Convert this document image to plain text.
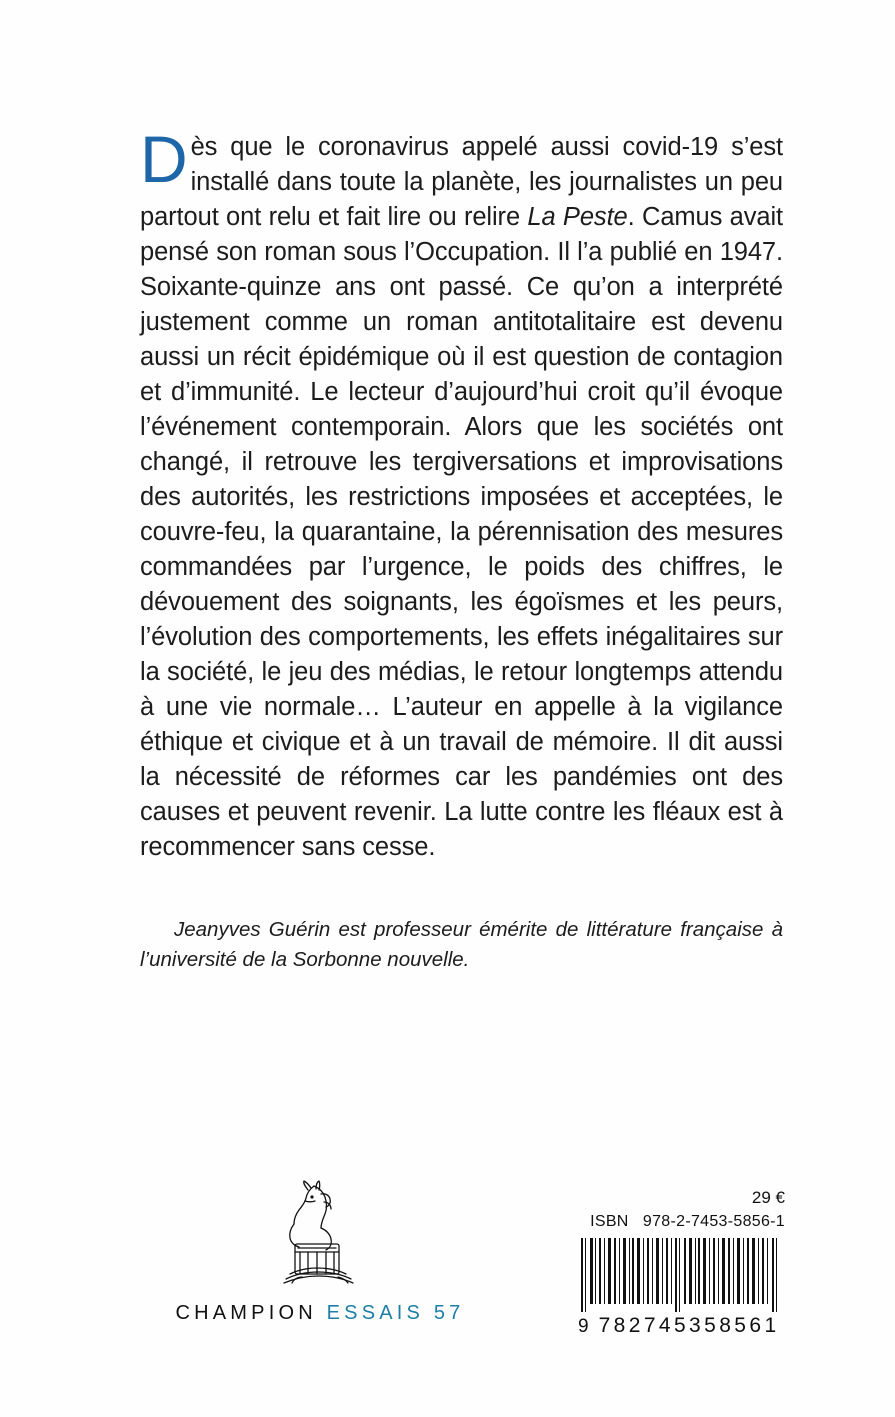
Dès que le coronavirus appelé aussi covid-19 s’est installé dans toute la planète, les journalistes un peu partout ont relu et fait lire ou relire La Peste. Camus avait pensé son roman sous l’Occupation. Il l’a publié en 1947. Soixante-quinze ans ont passé. Ce qu’on a interprété justement comme un roman antitotalitaire est devenu aussi un récit épidémique où il est question de contagion et d’immunité. Le lecteur d’aujourd’hui croit qu’il évoque l’événement contemporain. Alors que les sociétés ont changé, il retrouve les tergiversations et improvisations des autorités, les restrictions imposées et acceptées, le couvre-feu, la quarantaine, la pérennisation des mesures commandées par l’urgence, le poids des chiffres, le dévouement des soignants, les égoïsmes et les peurs, l’évolution des comportements, les effets inégalitaires sur la société, le jeu des médias, le retour longtemps attendu à une vie normale… L’auteur en appelle à la vigilance éthique et civique et à un travail de mémoire. Il dit aussi la nécessité de réformes car les pandémies ont des causes et peuvent revenir. La lutte contre les fléaux est à recommencer sans cesse.
Jeanyves Guérin est professeur émérite de littérature française à l’université de la Sorbonne nouvelle.
CHAMPION ESSAIS 57
29 €
ISBN 978-2-7453-5856-1
9 782745358561
